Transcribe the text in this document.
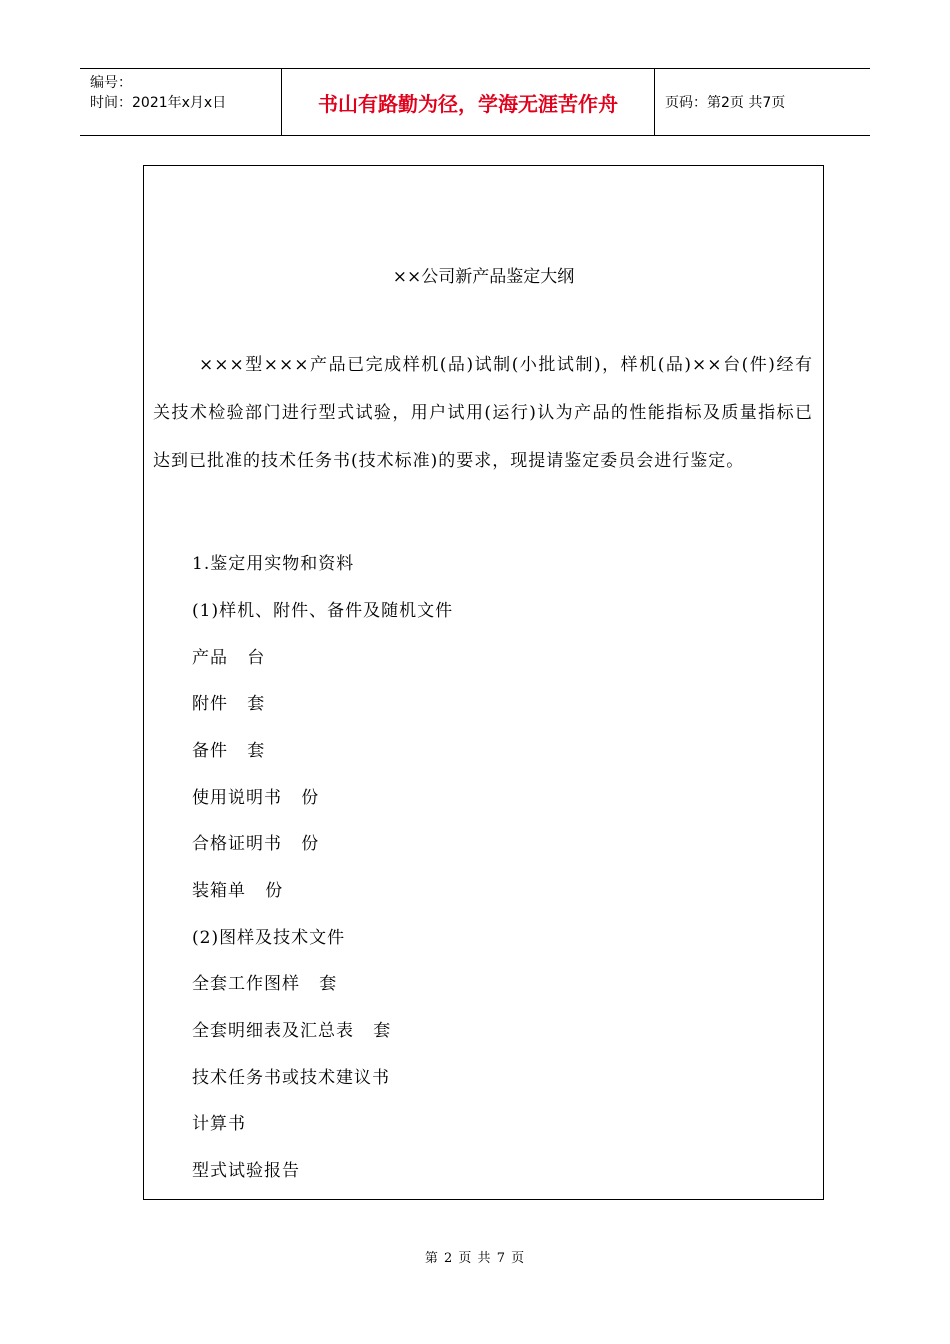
编号：
时间：2021年x月x日	书山有路勤为径，学海无涯苦作舟	页码：第2页 共7页
××公司新产品鉴定大纲
×××型×××产品已完成样机(品)试制(小批试制)，样机(品)××台(件)经有关技术检验部门进行型式试验，用户试用(运行)认为产品的性能指标及质量指标已达到已批准的技术任务书(技术标准)的要求，现提请鉴定委员会进行鉴定。
1.鉴定用实物和资料
(1)样机、附件、备件及随机文件
产品   台
附件   套
备件   套
使用说明书   份
合格证明书   份
装箱单   份
(2)图样及技术文件
全套工作图样   套
全套明细表及汇总表   套
技术任务书或技术建议书
计算书
型式试验报告
第 2 页 共 7 页
